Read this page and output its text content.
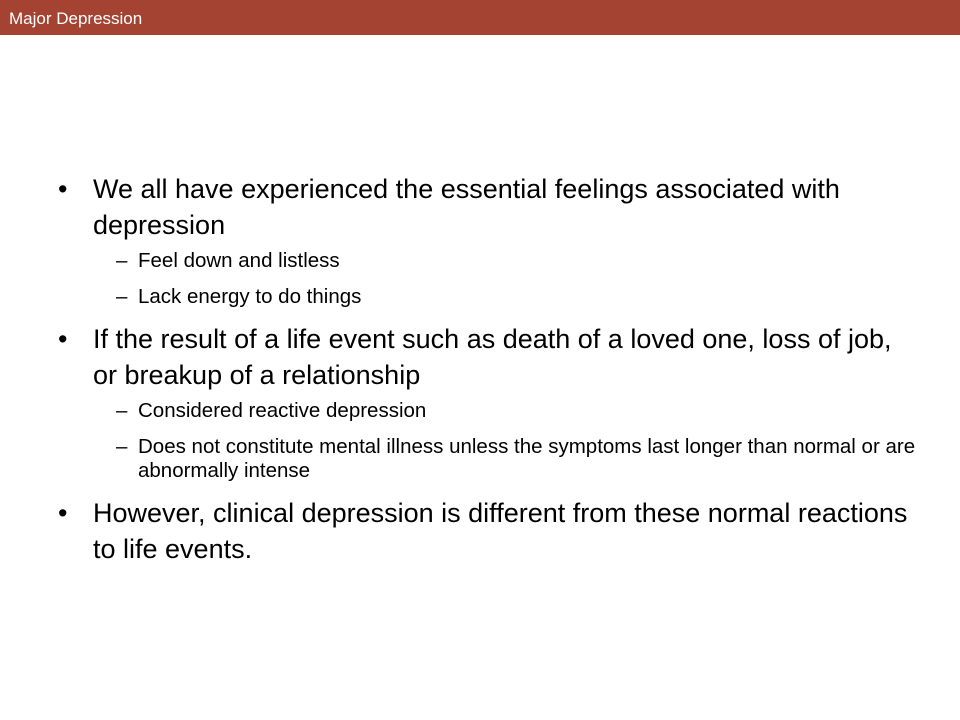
Major Depression

• We all have experienced the essential feelings associated with depression

– Feel down and listless

– Lack energy to do things

• If the result of a life event such as death of a loved one, loss of job, or breakup of a relationship

– Considered reactive depression

– Does not constitute mental illness unless the symptoms last longer than normal or are abnormally intense

• However, clinical depression is different from these normal reactions to life events.
